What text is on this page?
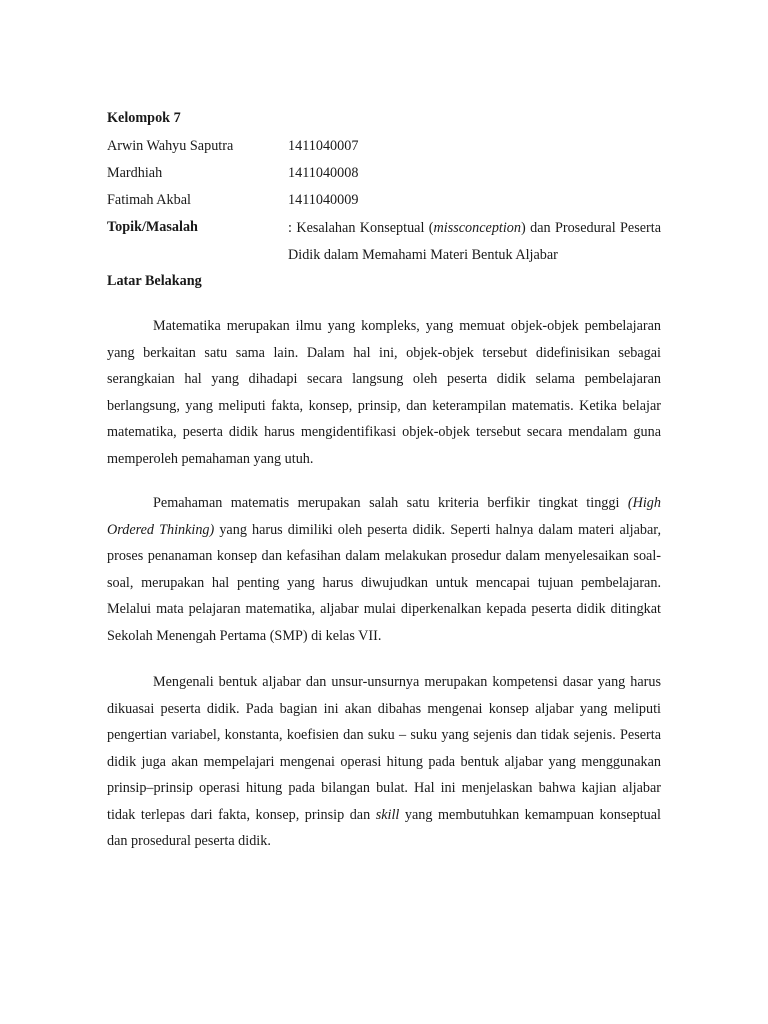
Kelompok 7
Arwin Wahyu Saputra	1411040007
Mardhiah	1411040008
Fatimah Akbal	1411040009
Topik/Masalah	: Kesalahan Konseptual (missconception) dan Prosedural Peserta Didik dalam Memahami Materi Bentuk Aljabar

Latar Belakang

Matematika merupakan ilmu yang kompleks, yang memuat objek-objek pembelajaran yang berkaitan satu sama lain. Dalam hal ini, objek-objek tersebut didefinisikan sebagai serangkaian hal yang dihadapi secara langsung oleh peserta didik selama pembelajaran berlangsung, yang meliputi fakta, konsep, prinsip, dan keterampilan matematis. Ketika belajar matematika, peserta didik harus mengidentifikasi objek-objek tersebut secara mendalam guna memperoleh pemahaman yang utuh.

Pemahaman matematis merupakan salah satu kriteria berfikir tingkat tinggi (High Ordered Thinking) yang harus dimiliki oleh peserta didik. Seperti halnya dalam materi aljabar, proses penanaman konsep dan kefasihan dalam melakukan prosedur dalam menyelesaikan soal-soal, merupakan hal penting yang harus diwujudkan untuk mencapai tujuan pembelajaran. Melalui mata pelajaran matematika, aljabar mulai diperkenalkan kepada peserta didik ditingkat Sekolah Menengah Pertama (SMP) di kelas VII.

Mengenali bentuk aljabar dan unsur-unsurnya merupakan kompetensi dasar yang harus dikuasai peserta didik. Pada bagian ini akan dibahas mengenai konsep aljabar yang meliputi pengertian variabel, konstanta, koefisien dan suku – suku yang sejenis dan tidak sejenis. Peserta didik juga akan mempelajari mengenai operasi hitung pada bentuk aljabar yang menggunakan prinsip–prinsip operasi hitung pada bilangan bulat. Hal ini menjelaskan bahwa kajian aljabar tidak terlepas dari fakta, konsep, prinsip dan skill yang membutuhkan kemampuan konseptual dan prosedural peserta didik.
